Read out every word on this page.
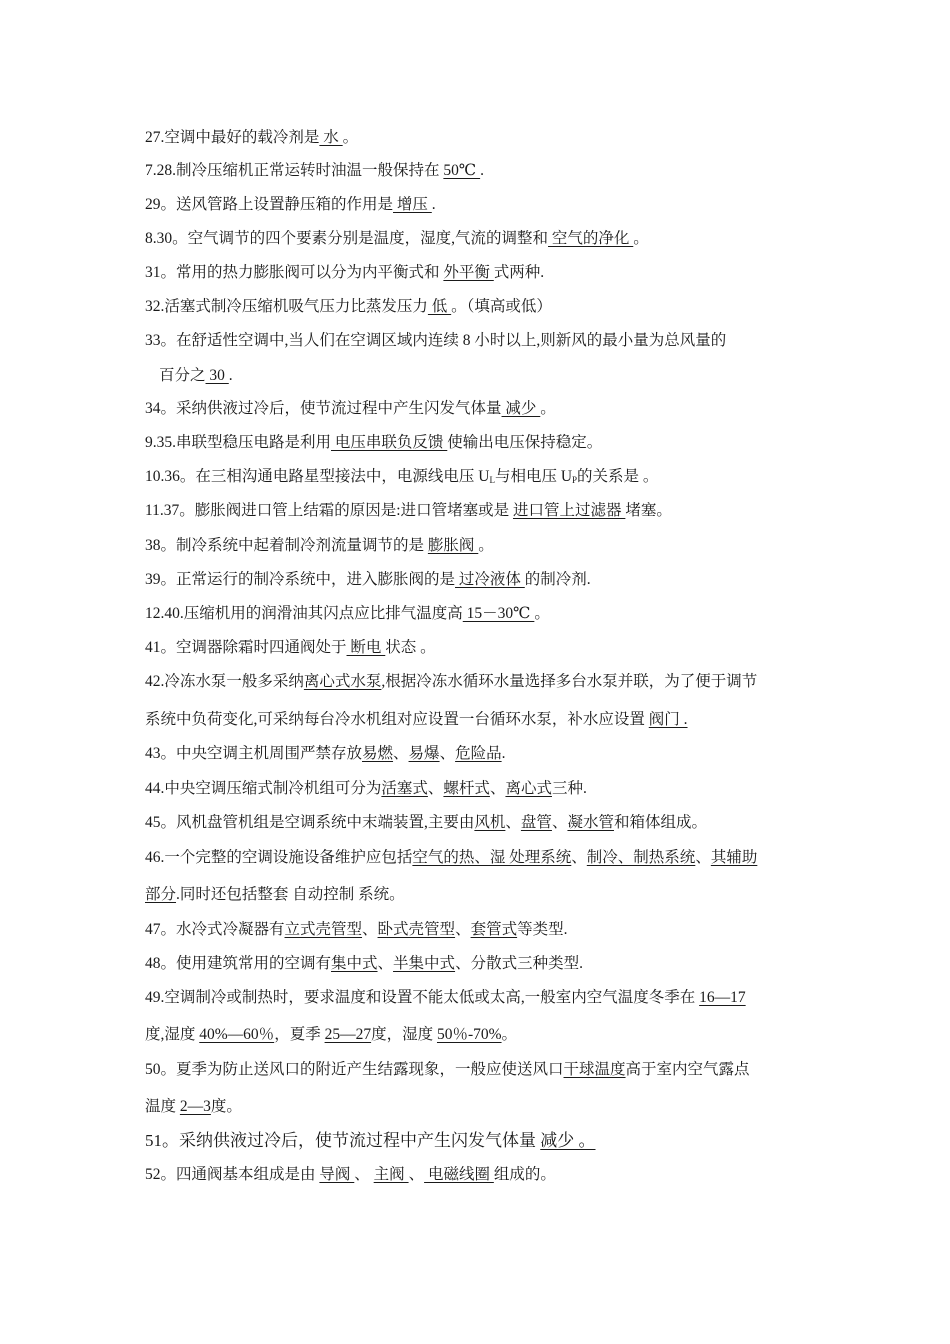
27.空调中最好的载冷剂是 水 。
7.28.制冷压缩机正常运转时油温一般保持在 50℃ .
29。送风管路上设置静压箱的作用是 增压 .
8.30。空气调节的四个要素分别是温度，湿度,气流的调整和 空气的净化 。
31。常用的热力膨胀阀可以分为内平衡式和 外平衡 式两种.
32.活塞式制冷压缩机吸气压力比蒸发压力 低 。（填高或低）
33。在舒适性空调中,当人们在空调区域内连续 8 小时以上,则新风的最小量为总风量的
百分之 30 .
34。采纳供液过冷后，使节流过程中产生闪发气体量 减少 。
9.35.串联型稳压电路是利用 电压串联负反馈 使输出电压保持稳定。
10.36。在三相沟通电路星型接法中，电源线电压 $U_L$与相电压 $U_P$的关系是 。
11.37。膨胀阀进口管上结霜的原因是:进口管堵塞或是 进口管上过滤器 堵塞。
38。制冷系统中起着制冷剂流量调节的是 膨胀阀 。
39。正常运行的制冷系统中，进入膨胀阀的是 过冷液体 的制冷剂.
12.40.压缩机用的润滑油其闪点应比排气温度高 15－30℃ 。
41。空调器除霜时四通阀处于 断电 状态 。
42.冷冻水泵一般多采纳离心式水泵,根据冷冻水循环水量选择多台水泵并联，为了便于调节
系统中负荷变化,可采纳每台冷水机组对应设置一台循环水泵，补水应设置 阀门 .
43。中央空调主机周围严禁存放易燃、易爆、危险品.
44.中央空调压缩式制冷机组可分为活塞式、螺杆式、离心式三种.
45。风机盘管机组是空调系统中末端装置,主要由风机、盘管、凝水管和箱体组成。
46.一个完整的空调设施设备维护应包括空气的热、湿 处理系统、制冷、制热系统、其辅助
部分.同时还包括整套 自动控制 系统。
47。水冷式冷凝器有立式壳管型、卧式壳管型、套管式等类型.
48。使用建筑常用的空调有集中式、半集中式、分散式三种类型.
49.空调制冷或制热时，要求温度和设置不能太低或太高,一般室内空气温度冬季在 16—17
度,湿度 40%—60％，夏季 25—27度，湿度 50％-70%。
50。夏季为防止送风口的附近产生结露现象，一般应使送风口干球温度高于室内空气露点
温度 2—3度。
51。采纳供液过冷后，使节流过程中产生闪发气体量 减少 。
52。四通阀基本组成是由 导阀 、 主阀 、 电磁线圈 组成的。
